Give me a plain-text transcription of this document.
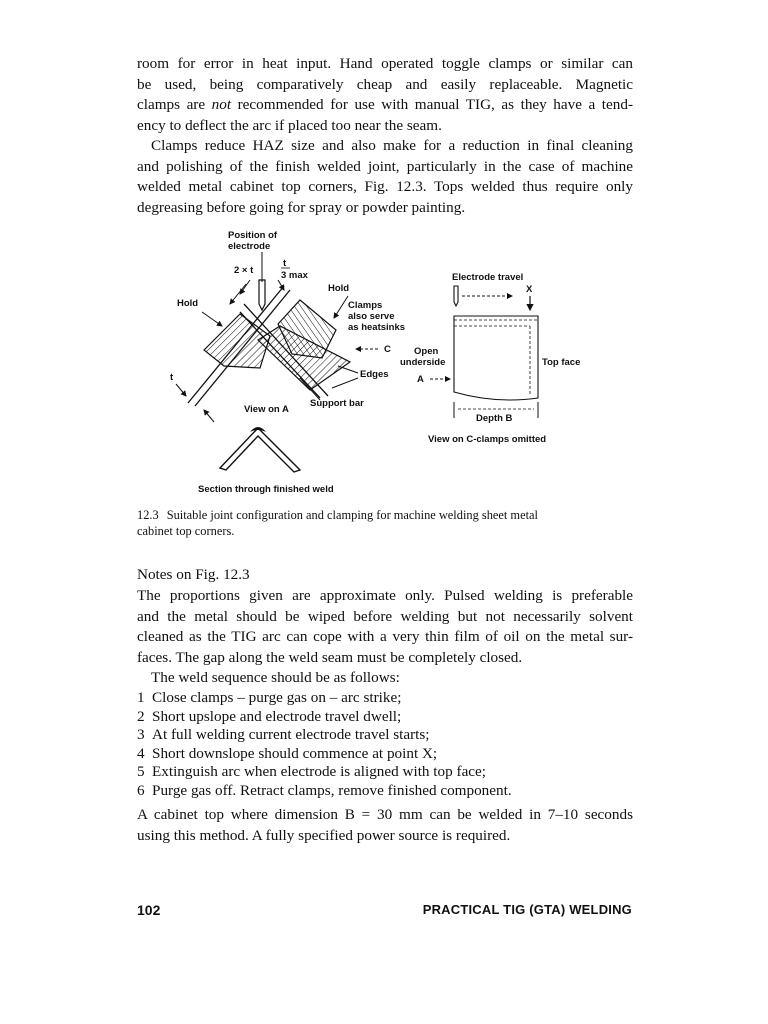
room for error in heat input. Hand operated toggle clamps or similar can
be used, being comparatively cheap and easily replaceable. Magnetic
clamps are not recommended for use with manual TIG, as they have a tend-
ency to deflect the arc if placed too near the seam.
Clamps reduce HAZ size and also make for a reduction in final cleaning
and polishing of the finish welded joint, particularly in the case of machine
welded metal cabinet top corners, Fig. 12.3. Tops welded thus require only
degreasing before going for spray or powder painting.
Position of
electrode
2 × t
t
3 max
Hold
Hold
Clamps
also serve
as heatsinks
C
Edges
t
View on A
Support bar
Section through finished weld
Electrode travel
X
Open
underside	Top face
A
Depth B
View on C-clamps omitted

12.3 Suitable joint configuration and clamping for machine welding sheet metal
cabinet top corners.

Notes on Fig. 12.3
The proportions given are approximate only. Pulsed welding is preferable
and the metal should be wiped before welding but not necessarily solvent
cleaned as the TIG arc can cope with a very thin film of oil on the metal sur-
faces. The gap along the weld seam must be completely closed.
The weld sequence should be as follows:
1 Close clamps – purge gas on – arc strike;
2 Short upslope and electrode travel dwell;
3 At full welding current electrode travel starts;
4 Short downslope should commence at point X;
5 Extinguish arc when electrode is aligned with top face;
6 Purge gas off. Retract clamps, remove finished component.
A cabinet top where dimension B = 30 mm can be welded in 7–10 seconds
using this method. A fully specified power source is required.
102	PRACTICAL TIG (GTA) WELDING
